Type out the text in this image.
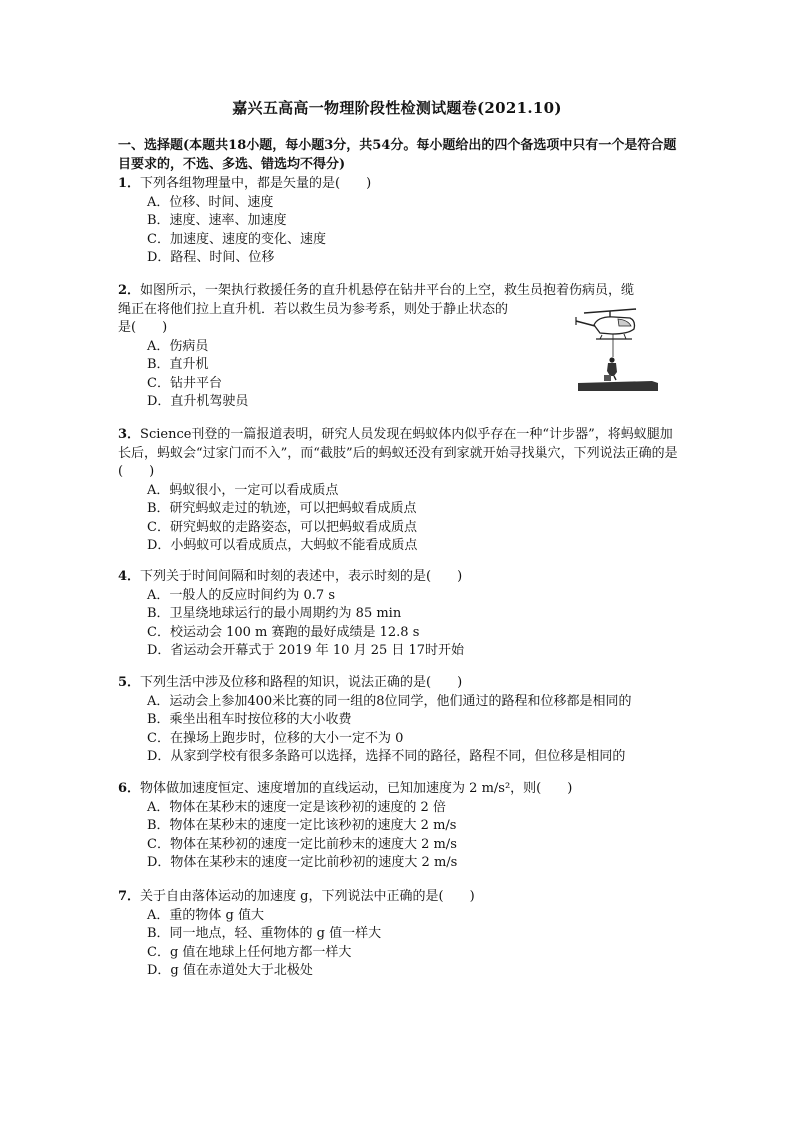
嘉兴五高高一物理阶段性检测试题卷(2021.10)
一、选择题(本题共18小题，每小题3分，共54分。每小题给出的四个备选项中只有一个是符合题目要求的，不选、多选、错选均不得分)

1．下列各组物理量中，都是矢量的是(　　)

A．位移、时间、速度
B．速度、速率、加速度
C．加速度、速度的变化、速度
D．路程、时间、位移

2．如图所示，一架执行救援任务的直升机悬停在钻井平台的上空，救生员抱着伤病员，缆

绳正在将他们拉上直升机．若以救生员为参考系，则处于静止状态的

是(　　)

A．伤病员
B．直升机
C．钻井平台
D．直升机驾驶员

3．Science刊登的一篇报道表明，研究人员发现在蚂蚁体内似乎存在一种“计步器”，将蚂蚁腿加长后，蚂蚁会“过家门而不入”，而“截肢”后的蚂蚁还没有到家就开始寻找巢穴，下列说法正确的是(　　)

A．蚂蚁很小，一定可以看成质点
B．研究蚂蚁走过的轨迹，可以把蚂蚁看成质点
C．研究蚂蚁的走路姿态，可以把蚂蚁看成质点
D．小蚂蚁可以看成质点，大蚂蚁不能看成质点

4．下列关于时间间隔和时刻的表述中，表示时刻的是(　　)

A．一般人的反应时间约为 0.7 s
B．卫星绕地球运行的最小周期约为 85 min
C．校运动会 100 m 赛跑的最好成绩是 12.8 s
D．省运动会开幕式于 2019 年 10 月 25 日 17时开始

5．下列生活中涉及位移和路程的知识，说法正确的是(　　)

A．运动会上参加400米比赛的同一组的8位同学，他们通过的路程和位移都是相同的
B．乘坐出租车时按位移的大小收费
C．在操场上跑步时，位移的大小一定不为 0
D．从家到学校有很多条路可以选择，选择不同的路径，路程不同，但位移是相同的

6．物体做加速度恒定、速度增加的直线运动，已知加速度为 2 m/s²，则(　　)

A．物体在某秒末的速度一定是该秒初的速度的 2 倍
B．物体在某秒末的速度一定比该秒初的速度大 2 m/s
C．物体在某秒初的速度一定比前秒末的速度大 2 m/s
D．物体在某秒末的速度一定比前秒初的速度大 2 m/s

7．关于自由落体运动的加速度 g，下列说法中正确的是(　　)

A．重的物体 g 值大
B．同一地点，轻、重物体的 g 值一样大
C．g 值在地球上任何地方都一样大
D．g 值在赤道处大于北极处
